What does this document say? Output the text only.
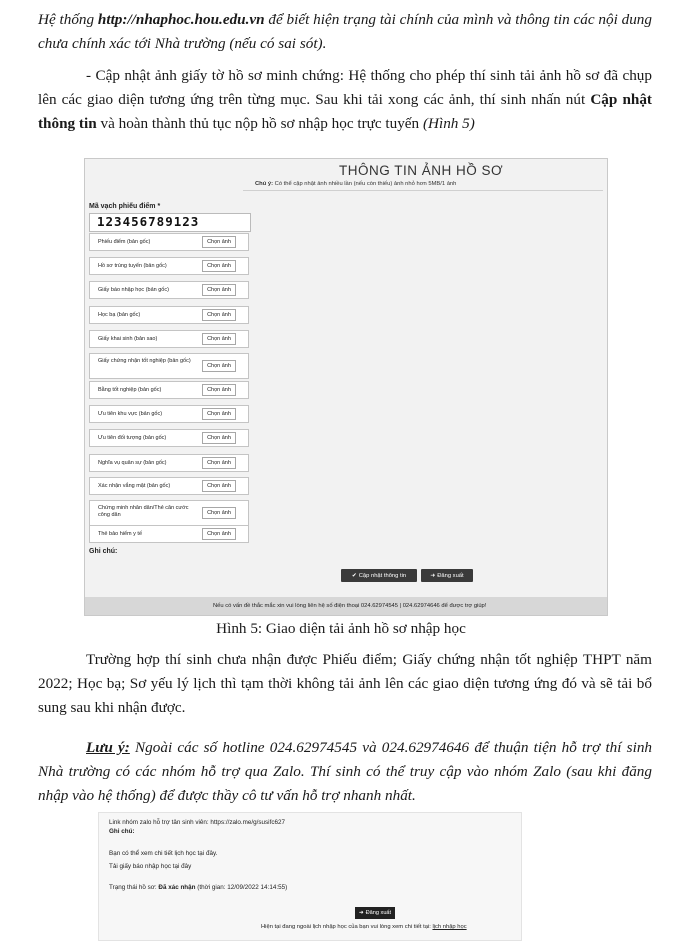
Hệ thống http://nhaphoc.hou.edu.vn để biết hiện trạng tài chính của mình và thông tin các nội dung chưa chính xác tới Nhà trường (nếu có sai sót).

- Cập nhật ảnh giấy tờ hồ sơ minh chứng: Hệ thống cho phép thí sinh tải ảnh hồ sơ đã chụp lên các giao diện tương ứng trên từng mục. Sau khi tải xong các ảnh, thí sinh nhấn nút Cập nhật thông tin và hoàn thành thủ tục nộp hồ sơ nhập học trực tuyến (Hình 5)

THÔNG TIN ẢNH HỒ SƠ
Chú ý: Có thể cập nhật ảnh nhiều lần (nếu còn thiếu) ảnh nhỏ hơn 5MB/1 ảnh
Mã vạch phiếu điểm *
123456789123
Phiếu điểm (bản gốc)	Chọn ảnh
Hồ sơ trúng tuyển (bản gốc)	Chọn ảnh
Giấy báo nhập học (bản gốc)	Chọn ảnh
Học bạ (bản gốc)	Chọn ảnh
Giấy khai sinh (bản sao)	Chọn ảnh
Giấy chứng nhận tốt nghiệp (bản gốc)
Chọn ảnh
Bằng tốt nghiệp (bản gốc)	Chọn ảnh
Ưu tiên khu vực (bản gốc)	Chọn ảnh
Ưu tiên đối tượng (bản gốc)	Chọn ảnh
Nghĩa vụ quân sự (bản gốc)	Chọn ảnh
Xác nhận vắng mặt (bản gốc)	Chọn ảnh
Chứng minh nhân dân/Thẻ căn cước công dân	Chọn ảnh
Thẻ bảo hiểm y tế	Chọn ảnh
Ghi chú:
✔ Cập nhật thông tin	➜ Đăng xuất
Nếu có vấn đề thắc mắc xin vui lòng liên hệ số điện thoại 024.62974545 | 024.62974646 để được trợ giúp!
Hình 5: Giao diện tải ảnh hồ sơ nhập học

Trường hợp thí sinh chưa nhận được Phiếu điểm; Giấy chứng nhận tốt nghiệp THPT năm 2022; Học bạ; Sơ yếu lý lịch thì tạm thời không tải ảnh lên các giao diện tương ứng đó và sẽ tải bổ sung sau khi nhận được.

Lưu ý: Ngoài các số hotline 024.62974545 và 024.62974646 để thuận tiện hỗ trợ thí sinh Nhà trường có các nhóm hỗ trợ qua Zalo. Thí sinh có thể truy cập vào nhóm Zalo (sau khi đăng nhập vào hệ thống) để được thầy cô tư vấn hỗ trợ nhanh nhất.

Link nhóm zalo hỗ trợ tân sinh viên: https://zalo.me/g/susifc627
Ghi chú:
Bạn có thể xem chi tiết lịch học tại đây.
Tải giấy báo nhập học tại đây
Trạng thái hồ sơ: Đã xác nhận (thời gian: 12/09/2022 14:14:55)
➜ Đăng xuất
Hiện tại đang ngoài lịch nhập học của bạn vui lòng xem chi tiết tại: lịch nhập học
